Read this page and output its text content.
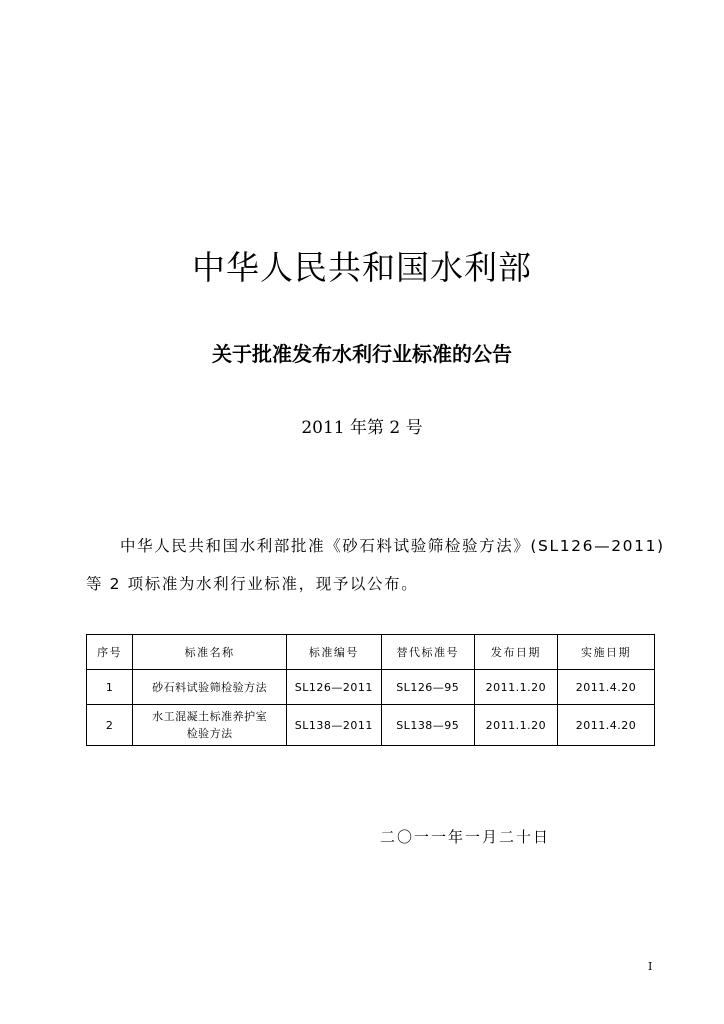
中华人民共和国水利部
关于批准发布水利行业标准的公告
2011 年第 2 号
中华人民共和国水利部批准《砂石料试验筛检验方法》(SL126—2011)
等 2 项标准为水利行业标准，现予以公布。
序号	标准名称	标准编号	替代标准号	发布日期	实施日期
1	砂石料试验筛检验方法	SL126—2011	SL126—95	2011.1.20	2011.4.20
2	水工混凝土标准养护室
检验方法	SL138—2011	SL138—95	2011.1.20	2011.4.20
二〇一一年一月二十日
I
